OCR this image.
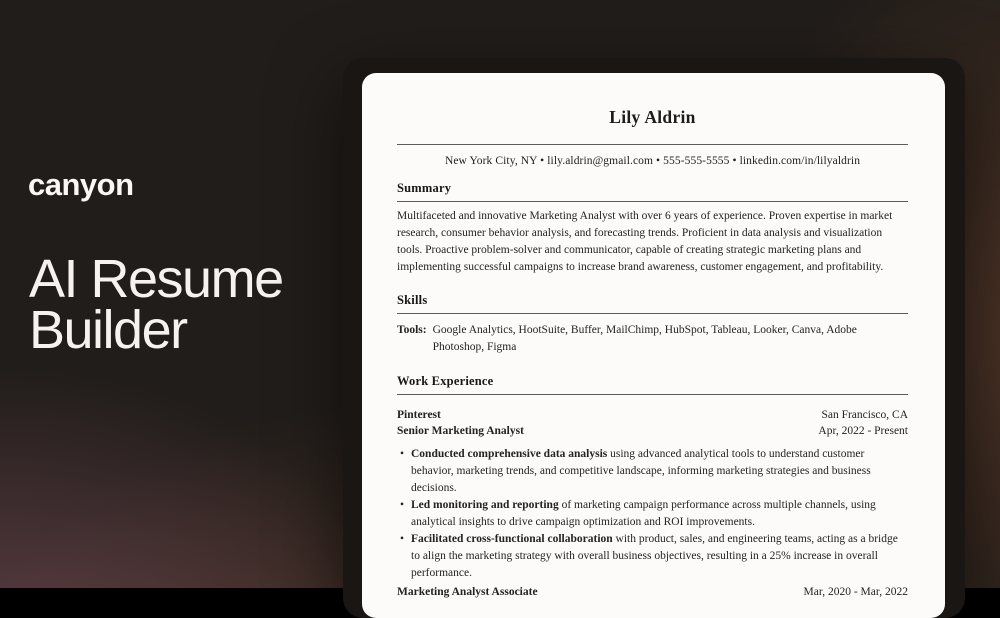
canyon
AI Resume
Builder
Lily Aldrin
New York City, NY • lily.aldrin@gmail.com • 555-555-5555 • linkedin.com/in/lilyaldrin
Summary

Multifaceted and innovative Marketing Analyst with over 6 years of experience. Proven expertise in market research, consumer behavior analysis, and forecasting trends. Proficient in data analysis and visualization tools. Proactive problem-solver and communicator, capable of creating strategic marketing plans and implementing successful campaigns to increase brand awareness, customer engagement, and profitability.

Skills
Tools: Google Analytics, HootSuite, Buffer, MailChimp, HubSpot, Tableau, Looker, Canva, Adobe Photoshop, Figma
Work Experience
Pinterest	San Francisco, CA
Senior Marketing Analyst	Apr, 2022 - Present
• Conducted comprehensive data analysis using advanced analytical tools to understand customer behavior, marketing trends, and competitive landscape, informing marketing strategies and business decisions.
• Led monitoring and reporting of marketing campaign performance across multiple channels, using analytical insights to drive campaign optimization and ROI improvements.
• Facilitated cross-functional collaboration with product, sales, and engineering teams, acting as a bridge to align the marketing strategy with overall business objectives, resulting in a 25% increase in overall performance.
Marketing Analyst Associate	Mar, 2020 - Mar, 2022
